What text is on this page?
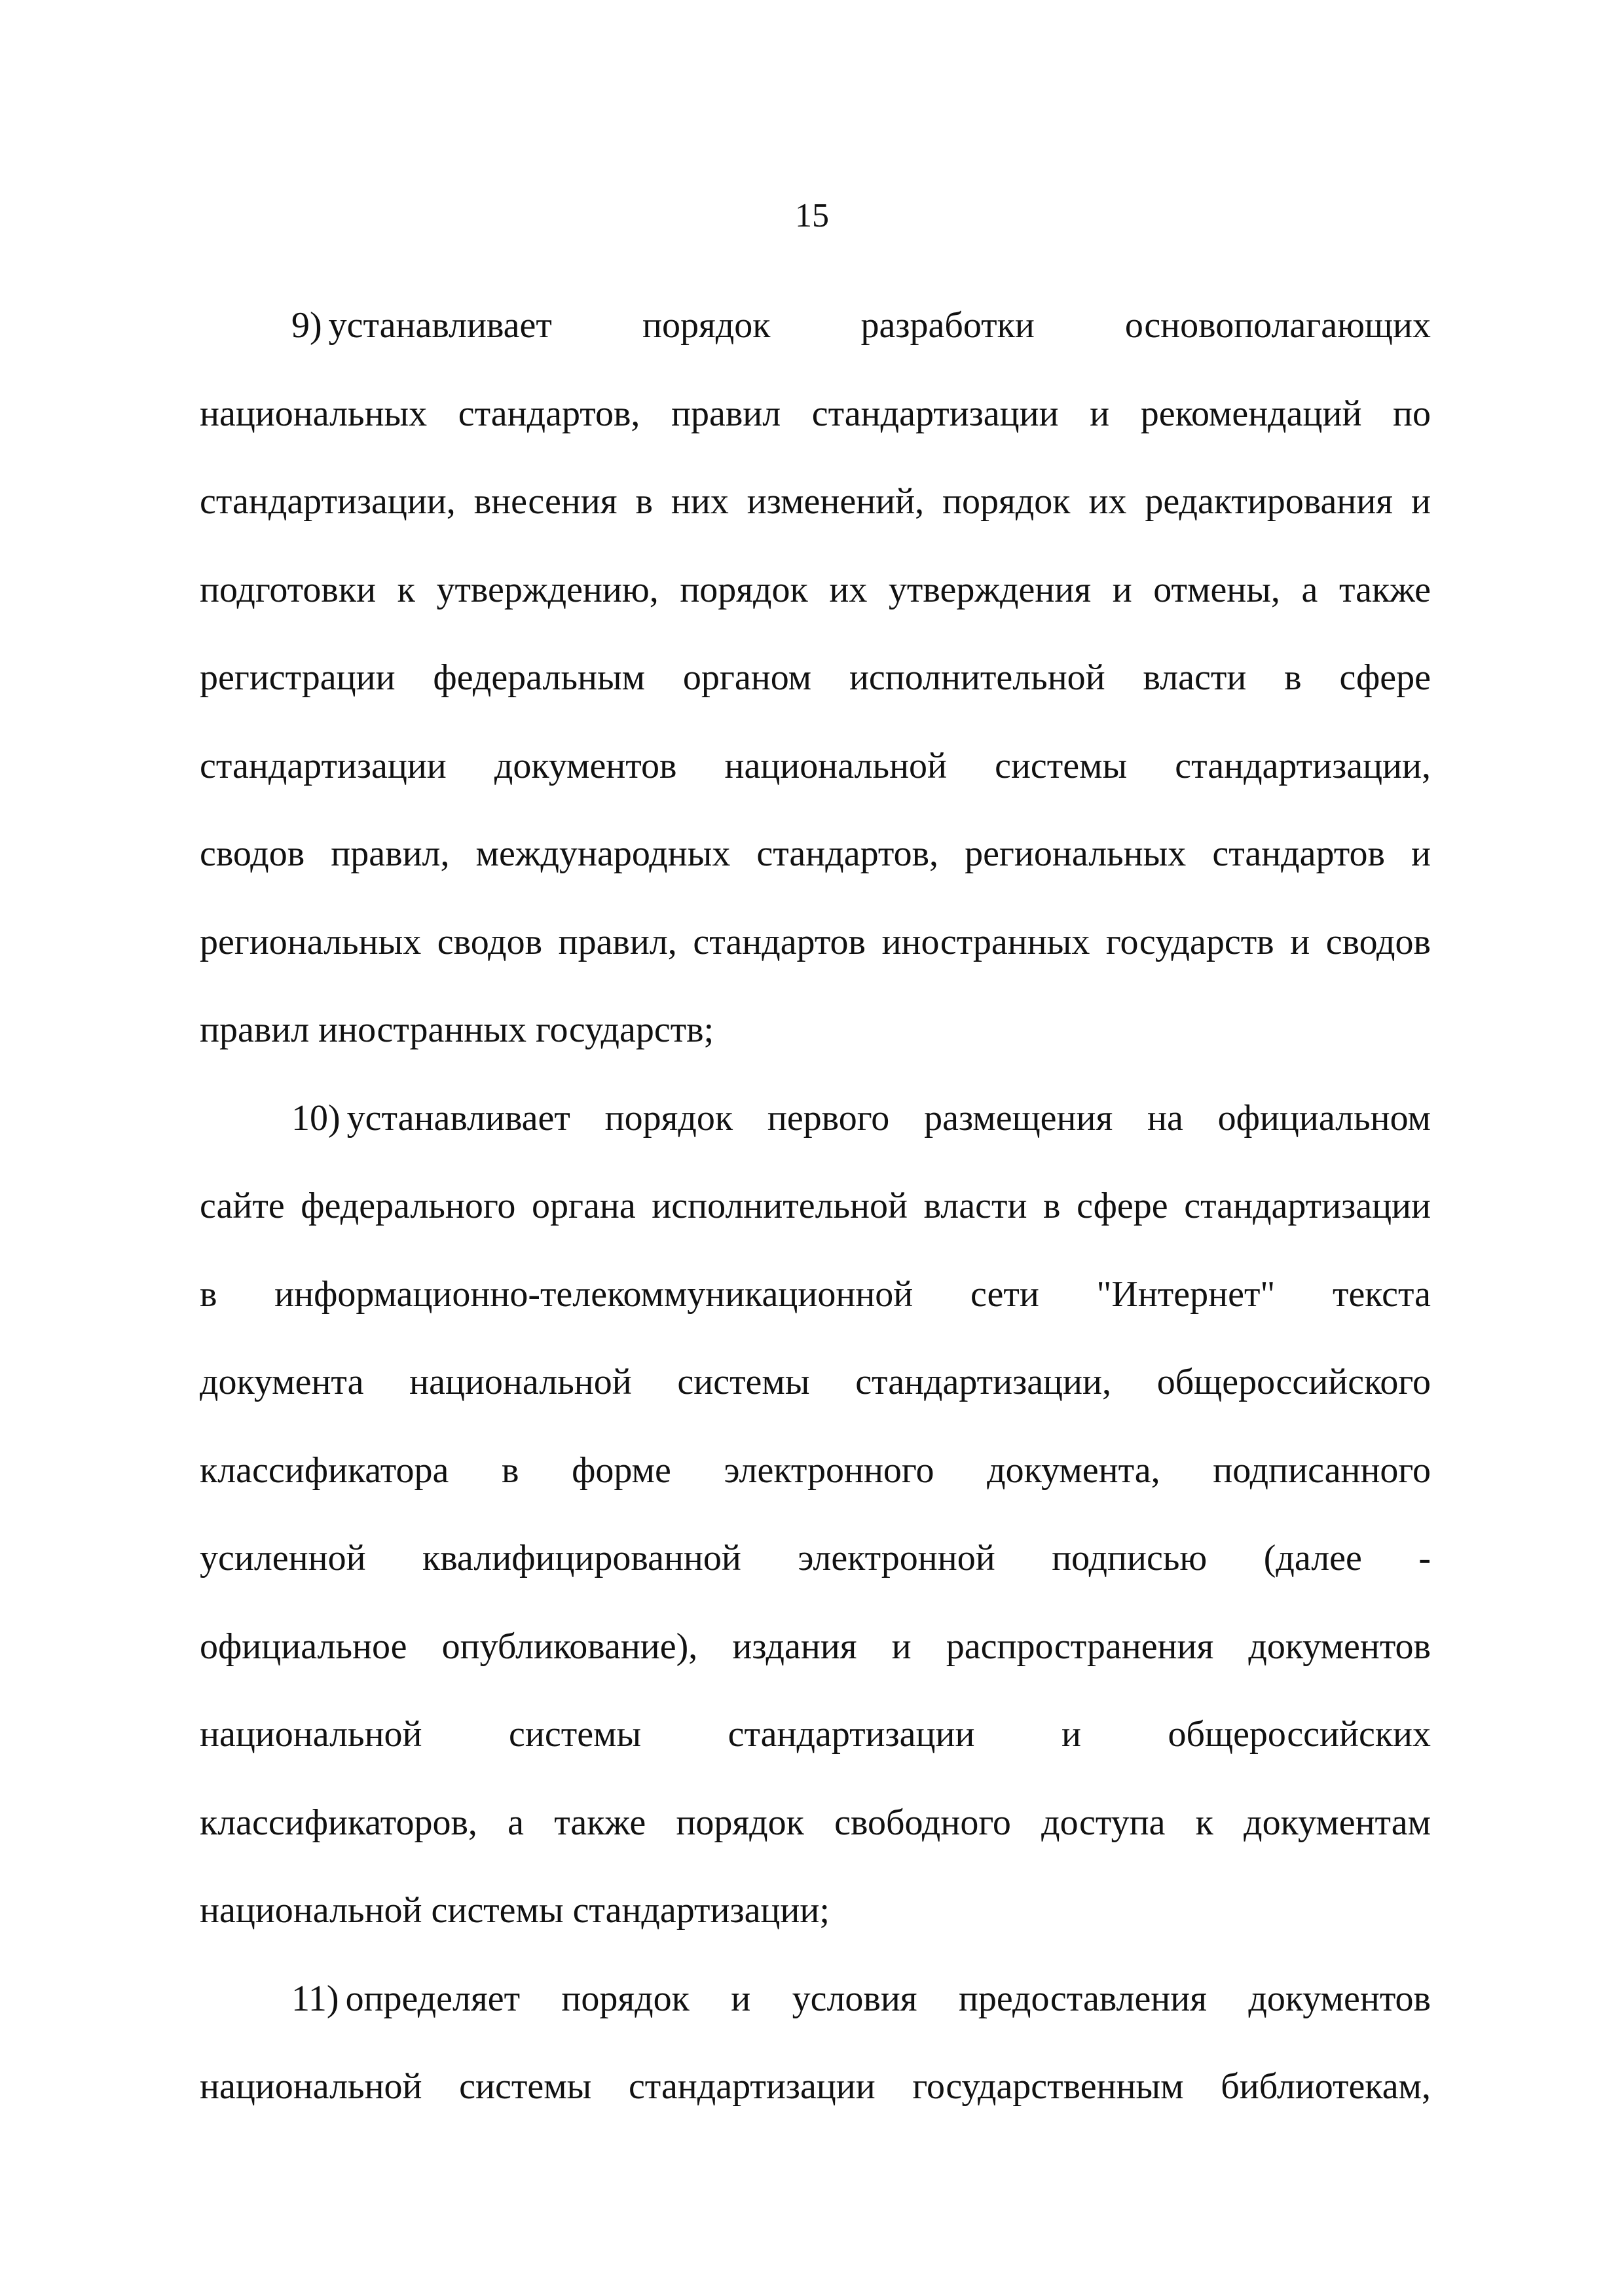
15

9) устанавливает порядок разработки основополагающих
национальных стандартов, правил стандартизации и рекомендаций по
стандартизации, внесения в них изменений, порядок их редактирования и
подготовки к утверждению, порядок их утверждения и отмены, а также
регистрации федеральным органом исполнительной власти в сфере
стандартизации документов национальной системы стандартизации,
сводов правил, международных стандартов, региональных стандартов и
региональных сводов правил, стандартов иностранных государств и сводов
правил иностранных государств;

10) устанавливает порядок первого размещения на официальном
сайте федерального органа исполнительной власти в сфере стандартизации
в информационно-телекоммуникационной сети "Интернет" текста
документа национальной системы стандартизации, общероссийского
классификатора в форме электронного документа, подписанного
усиленной квалифицированной электронной подписью (далее -
официальное опубликование), издания и распространения документов
национальной системы стандартизации и общероссийских
классификаторов, а также порядок свободного доступа к документам
национальной системы стандартизации;

11) определяет порядок и условия предоставления документов
национальной системы стандартизации государственным библиотекам,
